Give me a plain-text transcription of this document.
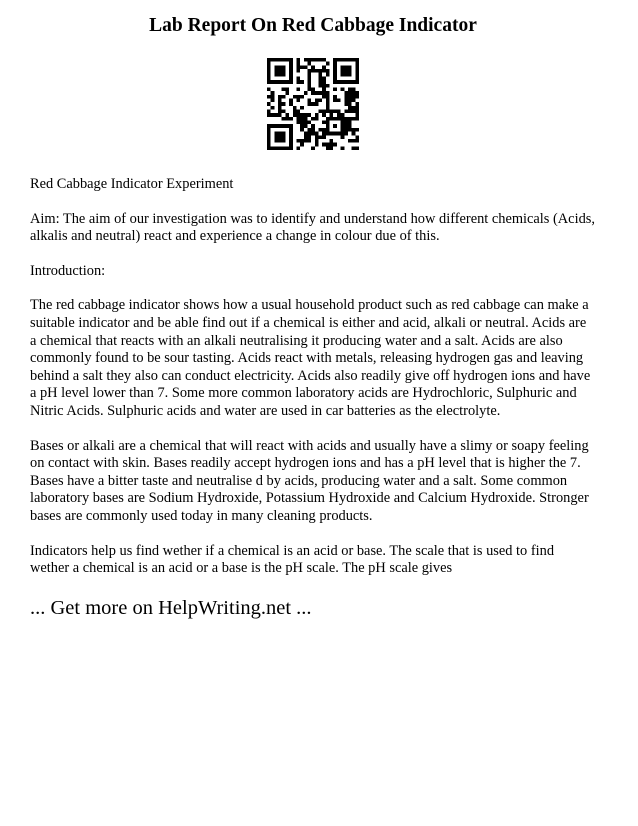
Lab Report On Red Cabbage Indicator

Red Cabbage Indicator Experiment

Aim: The aim of our investigation was to identify and understand how different chemicals (Acids, alkalis and neutral) react and experience a change in colour due of this.

Introduction:

The red cabbage indicator shows how a usual household product such as red cabbage can make a suitable indicator and be able find out if a chemical is either and acid, alkali or neutral. Acids are a chemical that reacts with an alkali neutralising it producing water and a salt. Acids are also commonly found to be sour tasting. Acids react with metals, releasing hydrogen gas and leaving behind a salt they also can conduct electricity. Acids also readily give off hydrogen ions and have a pH level lower than 7. Some more common laboratory acids are Hydrochloric, Sulphuric and Nitric Acids. Sulphuric acids and water are used in car batteries as the electrolyte.

Bases or alkali are a chemical that will react with acids and usually have a slimy or soapy feeling on contact with skin. Bases readily accept hydrogen ions and has a pH level that is higher the 7. Bases have a bitter taste and neutralise d by acids, producing water and a salt. Some common laboratory bases are Sodium Hydroxide, Potassium Hydroxide and Calcium Hydroxide. Stronger bases are commonly used today in many cleaning products.

Indicators help us find wether if a chemical is an acid or base. The scale that is used to find wether a chemical is an acid or a base is the pH scale. The pH scale gives

... Get more on HelpWriting.net ...
